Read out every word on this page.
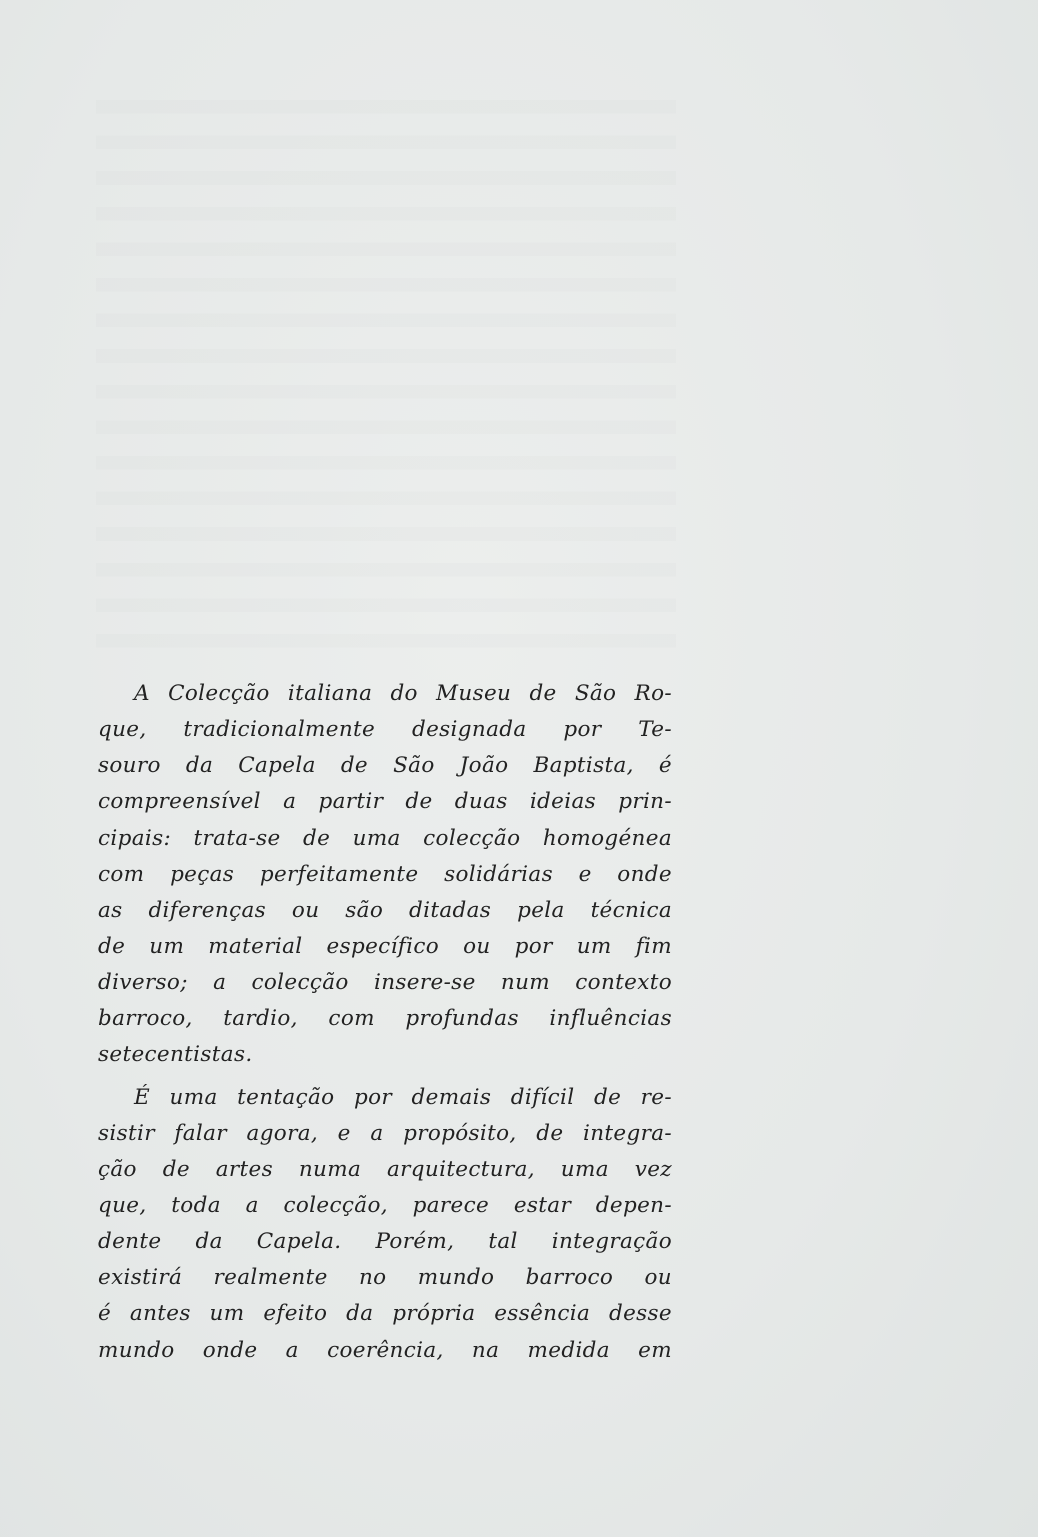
A Colecção italiana do Museu de São Ro-
que, tradicionalmente designada por Te-
souro da Capela de São João Baptista, é
compreensível a partir de duas ideias prin-
cipais: trata-se de uma colecção homogénea
com peças perfeitamente solidárias e onde
as diferenças ou são ditadas pela técnica
de um material específico ou por um fim
diverso; a colecção insere-se num contexto
barroco, tardio, com profundas influências
setecentistas.
É uma tentação por demais difícil de re-
sistir falar agora, e a propósito, de integra-
ção de artes numa arquitectura, uma vez
que, toda a colecção, parece estar depen-
dente da Capela. Porém, tal integração
existirá realmente no mundo barroco ou
é antes um efeito da própria essência desse
mundo onde a coerência, na medida em
